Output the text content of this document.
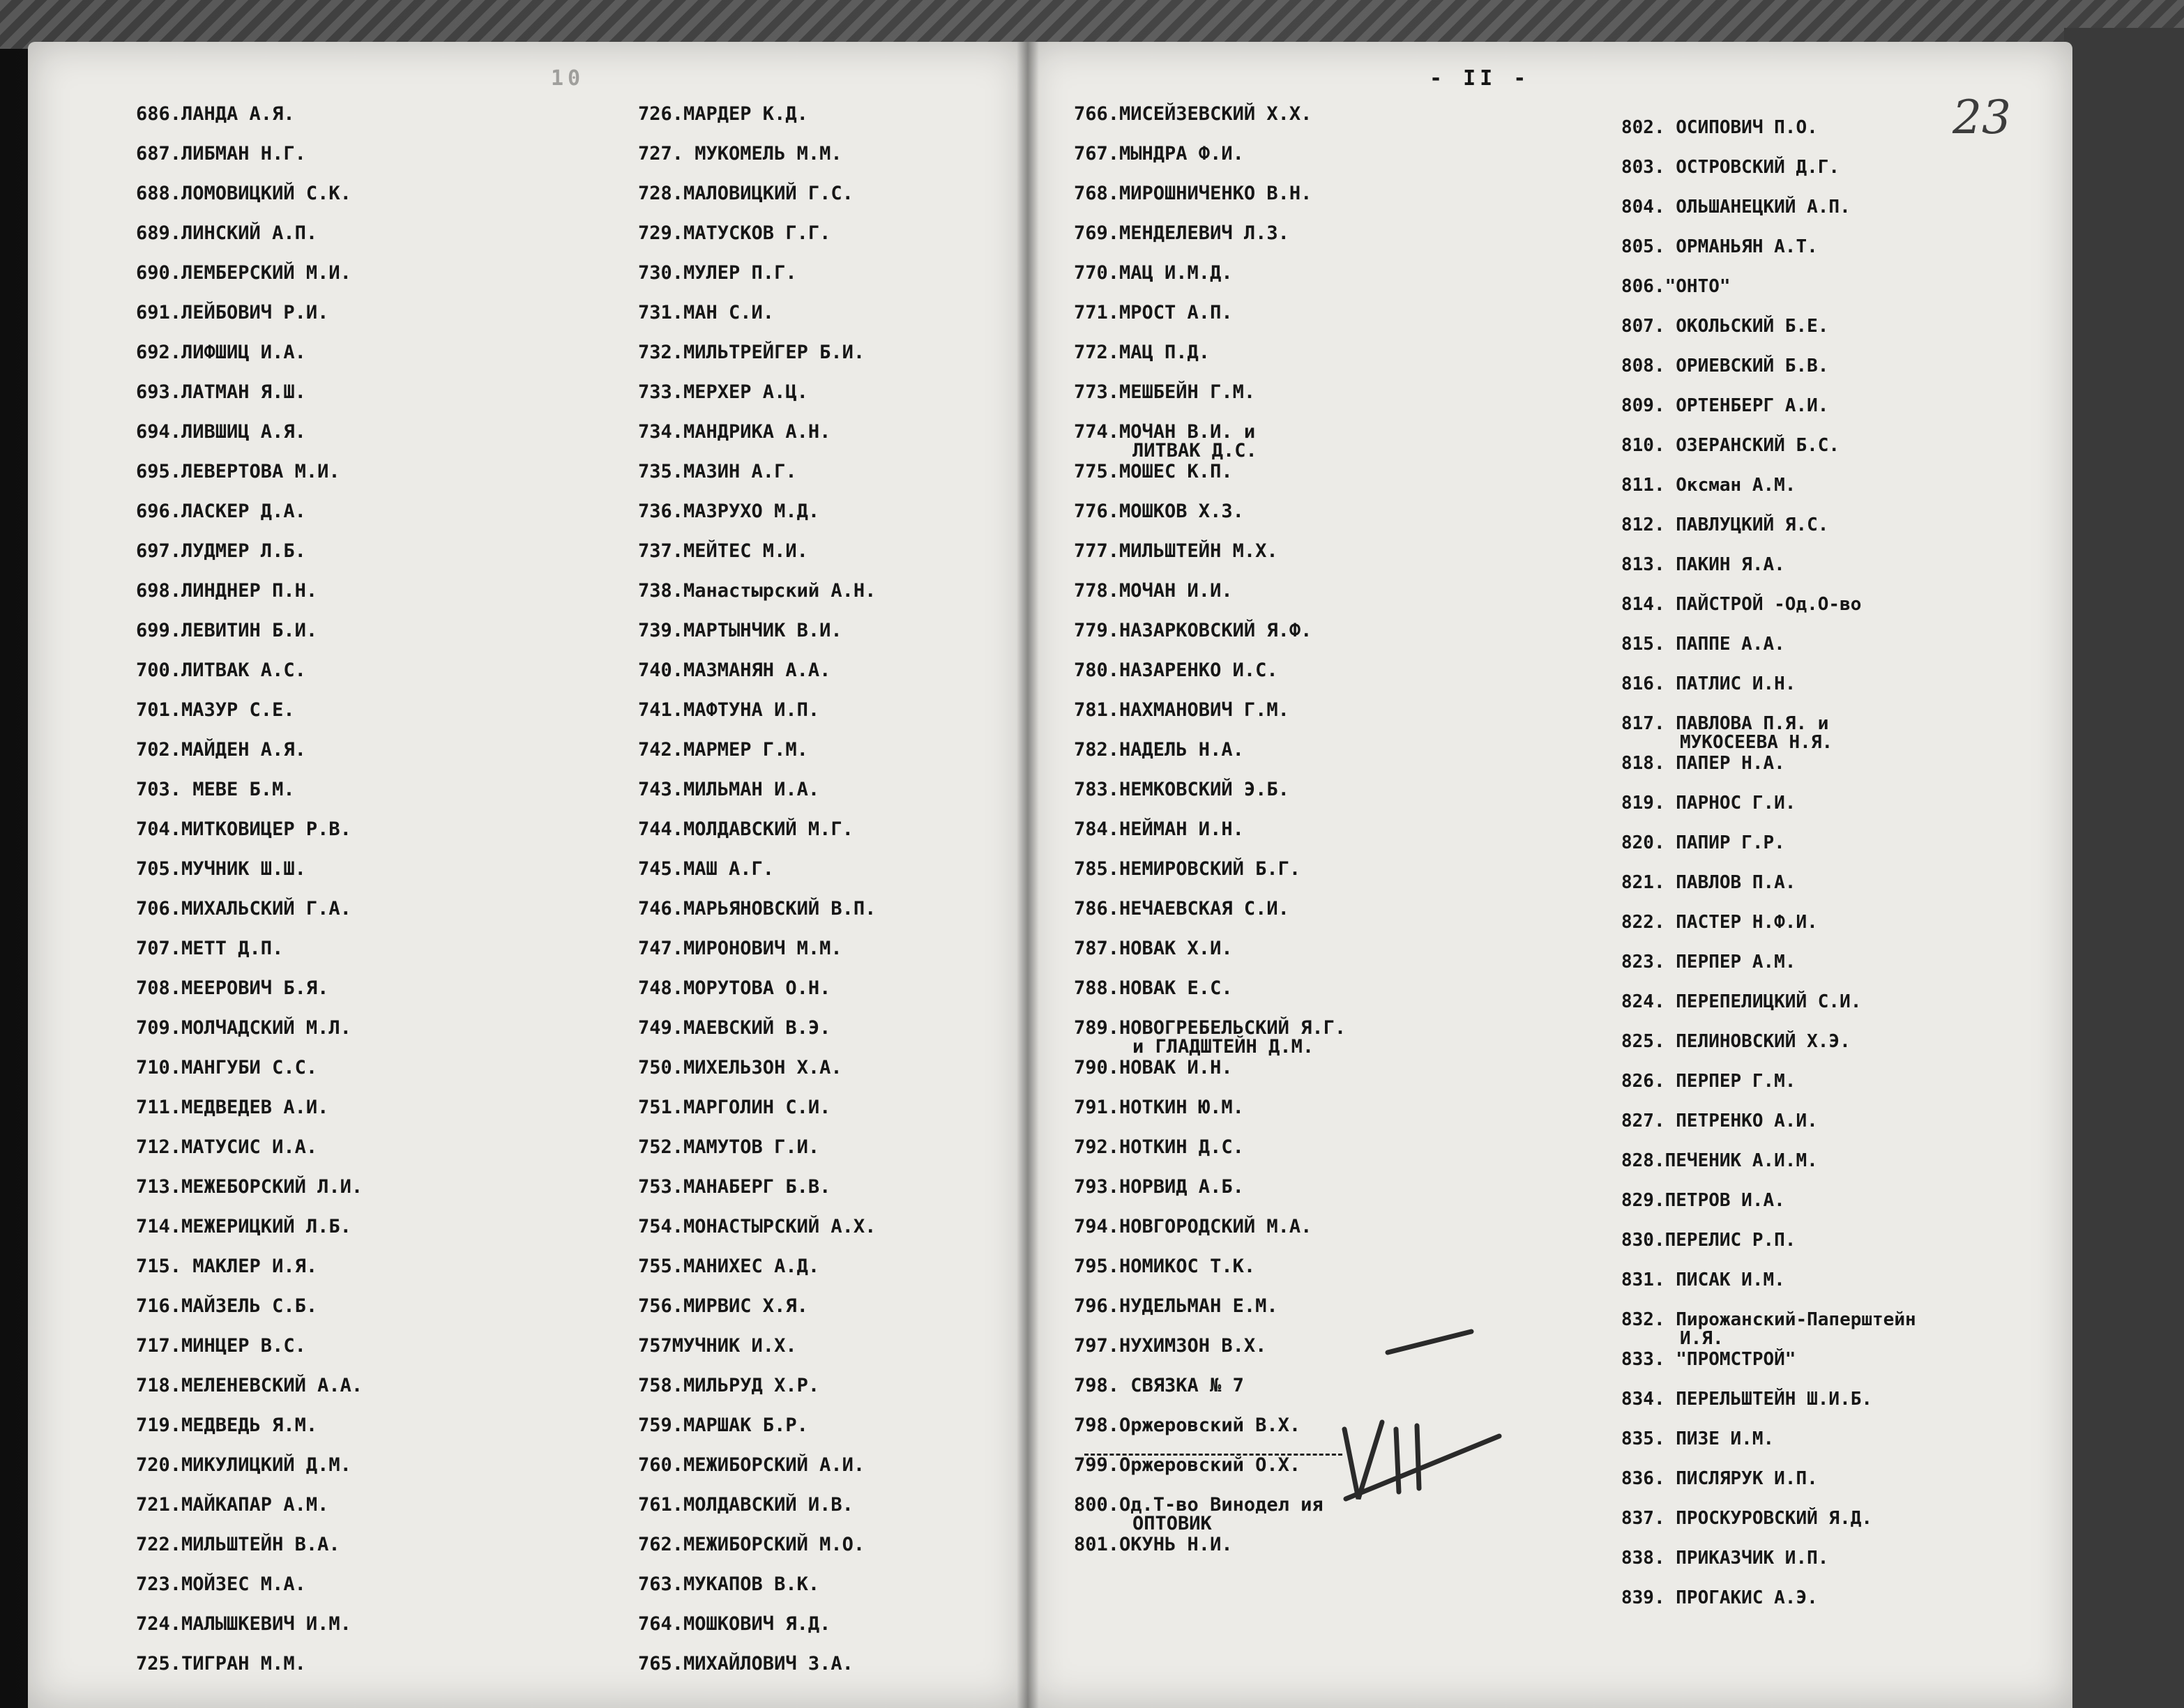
10	- II -
23
686.ЛАНДА А.Я.
687.ЛИБМАН Н.Г.
688.ЛОМОВИЦКИЙ С.К.
689.ЛИНСКИЙ А.П.
690.ЛЕМБЕРСКИЙ М.И.
691.ЛЕЙБОВИЧ Р.И.
692.ЛИФШИЦ И.А.
693.ЛАТМАН Я.Ш.
694.ЛИВШИЦ А.Я.
695.ЛЕВЕРТОВА М.И.
696.ЛАСКЕР Д.А.
697.ЛУДМЕР Л.Б.
698.ЛИНДНЕР П.Н.
699.ЛЕВИТИН Б.И.
700.ЛИТВАК А.С.
701.МАЗУР С.Е.
702.МАЙДЕН А.Я.
703. МЕВЕ Б.М.
704.МИТКОВИЦЕР Р.В.
705.МУЧНИК Ш.Ш.
706.МИХАЛЬСКИЙ Г.А.
707.МЕТТ Д.П.
708.МЕЕРОВИЧ Б.Я.
709.МОЛЧАДСКИЙ М.Л.
710.МАНГУБИ С.С.
711.МЕДВЕДЕВ А.И.
712.МАТУСИС И.А.
713.МЕЖЕБОРСКИЙ Л.И.
714.МЕЖЕРИЦКИЙ Л.Б.
715. МАКЛЕР И.Я.
716.МАЙЗЕЛЬ С.Б.
717.МИНЦЕР В.С.
718.МЕЛЕНЕВСКИЙ А.А.
719.МЕДВЕДЬ Я.М.
720.МИКУЛИЦКИЙ Д.М.
721.МАЙКАПАР А.М.
722.МИЛЬШТЕЙН В.А.
723.МОЙЗЕС М.А.
724.МАЛЫШКЕВИЧ И.М.
725.ТИГРАН М.М.
726.МАРДЕР К.Д.
727. МУКОМЕЛЬ М.М.
728.МАЛОВИЦКИЙ Г.С.
729.МАТУСКОВ Г.Г.
730.МУЛЕР П.Г.
731.МАН С.И.
732.МИЛЬТРЕЙГЕР Б.И.
733.МЕРХЕР А.Ц.
734.МАНДРИКА А.Н.
735.МАЗИН А.Г.
736.МАЗРУХО М.Д.
737.МЕЙТЕС М.И.
738.Манастырский А.Н.
739.МАРТЫНЧИК В.И.
740.МАЗМАНЯН А.А.
741.МАФТУНА И.П.
742.МАРМЕР Г.М.
743.МИЛЬМАН И.А.
744.МОЛДАВСКИЙ М.Г.
745.МАШ А.Г.
746.МАРЬЯНОВСКИЙ В.П.
747.МИРОНОВИЧ М.М.
748.МОРУТОВА О.Н.
749.МАЕВСКИЙ В.Э.
750.МИХЕЛЬЗОН Х.А.
751.МАРГОЛИН С.И.
752.МАМУТОВ Г.И.
753.МАНАБЕРГ Б.В.
754.МОНАСТЫРСКИЙ А.Х.
755.МАНИХЕС А.Д.
756.МИРВИС Х.Я.
757МУЧНИК И.Х.
758.МИЛЬРУД Х.Р.
759.МАРШАК Б.Р.
760.МЕЖИБОРСКИЙ А.И.
761.МОЛДАВСКИЙ И.В.
762.МЕЖИБОРСКИЙ М.О.
763.МУКАПОВ В.К.
764.МОШКОВИЧ Я.Д.
765.МИХАЙЛОВИЧ З.А.
766.МИСЕЙЗЕВСКИЙ Х.Х.
767.МЫНДРА Ф.И.
768.МИРОШНИЧЕНКО В.Н.
769.МЕНДЕЛЕВИЧ Л.З.
770.МАЦ И.М.Д.
771.МРОСТ А.П.
772.МАЦ П.Д.
773.МЕШБЕЙН Г.М.
774.МОЧАН В.И. и
ЛИТВАК Д.С.
775.МОШЕС К.П.
776.МОШКОВ Х.З.
777.МИЛЬШТЕЙН М.Х.
778.МОЧАН И.И.
779.НАЗАРКОВСКИЙ Я.Ф.
780.НАЗАРЕНКО И.С.
781.НАХМАНОВИЧ Г.М.
782.НАДЕЛЬ Н.А.
783.НЕМКОВСКИЙ Э.Б.
784.НЕЙМАН И.Н.
785.НЕМИРОВСКИЙ Б.Г.
786.НЕЧАЕВСКАЯ С.И.
787.НОВАК Х.И.
788.НОВАК Е.С.
789.НОВОГРЕБЕЛЬСКИЙ Я.Г.
и ГЛАДШТЕЙН Д.М.
790.НОВАК И.Н.
791.НОТКИН Ю.М.
792.НОТКИН Д.С.
793.НОРВИД А.Б.
794.НОВГОРОДСКИЙ М.А.
795.НОМИКОС Т.К.
796.НУДЕЛЬМАН Е.М.
797.НУХИМЗОН В.Х.
798. СВЯЗКА № 7
798.Оржеровский В.Х.
799.Оржеровский О.Х.
800.Од.Т-во Винодел ия
ОПТОВИК
801.ОКУНЬ Н.И.
802. ОСИПОВИЧ П.О.
803. ОСТРОВСКИЙ Д.Г.
804. ОЛЬШАНЕЦКИЙ А.П.
805. ОРМАНЬЯН А.Т.
806."ОНТО"
807. ОКОЛЬСКИЙ Б.Е.
808. ОРИЕВСКИЙ Б.В.
809. ОРТЕНБЕРГ А.И.
810. ОЗЕРАНСКИЙ Б.С.
811. Оксман А.М.
812. ПАВЛУЦКИЙ Я.С.
813. ПАКИН Я.А.
814. ПАЙСТРОЙ -Од.О-во
815. ПАППЕ А.А.
816. ПАТЛИС И.Н.
817. ПАВЛОВА П.Я. и
МУКОСЕЕВА Н.Я.
818. ПАПЕР Н.А.
819. ПАРНОС Г.И.
820. ПАПИР Г.Р.
821. ПАВЛОВ П.А.
822. ПАСТЕР Н.Ф.И.
823. ПЕРПЕР А.М.
824. ПЕРЕПЕЛИЦКИЙ С.И.
825. ПЕЛИНОВСКИЙ Х.Э.
826. ПЕРПЕР Г.М.
827. ПЕТРЕНКО А.И.
828.ПЕЧЕНИК А.И.М.
829.ПЕТРОВ И.А.
830.ПЕРЕЛИС Р.П.
831. ПИСАК И.М.
832. Пирожанский-Паперштейн
И.Я.
833. "ПРОМСТРОЙ"
834. ПЕРЕЛЬШТЕЙН Ш.И.Б.
835. ПИЗЕ И.М.
836. ПИСЛЯРУК И.П.
837. ПРОСКУРОВСКИЙ Я.Д.
838. ПРИКАЗЧИК И.П.
839. ПРОГАКИС А.Э.
